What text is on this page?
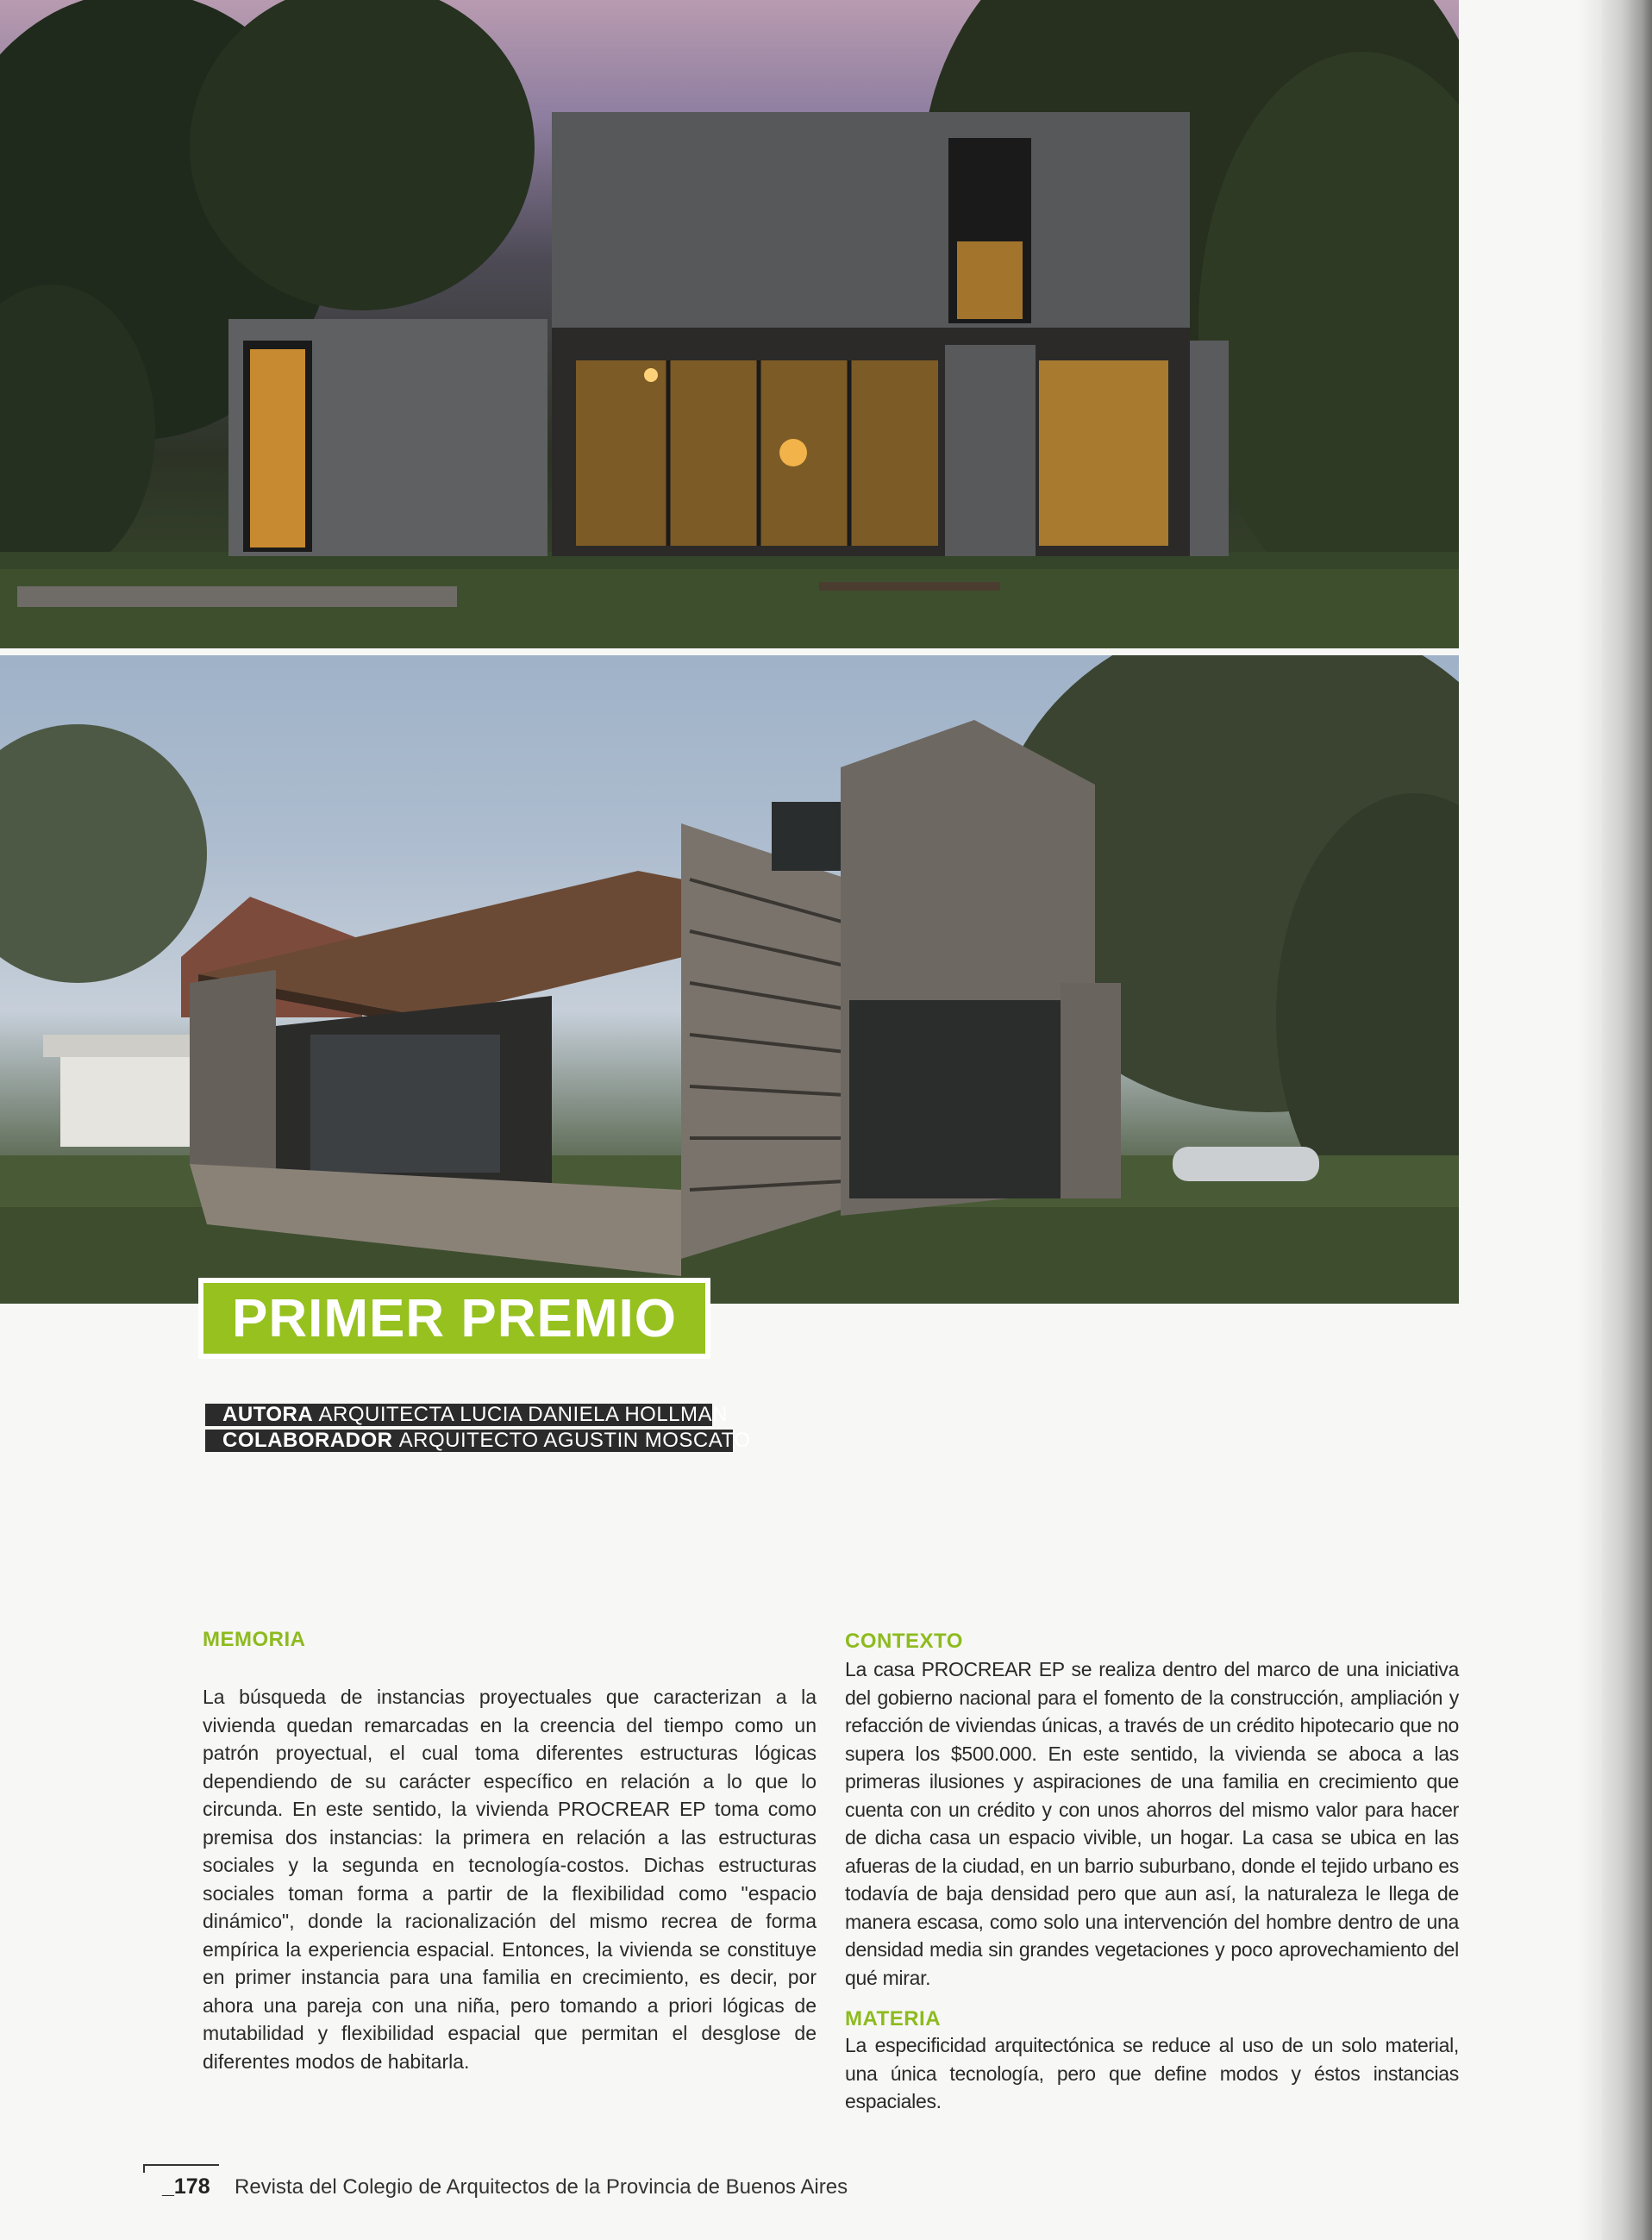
PRIMER PREMIO
AUTORA ARQUITECTA LUCIA DANIELA HOLLMAN
COLABORADOR ARQUITECTO AGUSTIN MOSCATO
MEMORIA

La búsqueda de instancias proyectuales que caracterizan a la vivienda quedan remarcadas en la creencia del tiempo como un patrón proyectual, el cual toma diferentes estructuras lógicas dependiendo de su carácter específico en relación a lo que lo circunda. En este sentido, la vivienda PROCREAR EP toma como premisa dos instancias: la primera en relación a las estructuras sociales y la segunda en tecnología-costos. Dichas estructuras sociales toman forma a partir de la flexibilidad como "espacio dinámico", donde la racionalización del mismo recrea de forma empírica la experiencia espacial. Entonces, la vivienda se constituye en primer instancia para una familia en crecimiento, es decir, por ahora una pareja con una niña, pero tomando a priori lógicas de mutabilidad y flexibilidad espacial que permitan el desglose de diferentes modos de habitarla.

CONTEXTO

La casa PROCREAR EP se realiza dentro del marco de una iniciativa del gobierno nacional para el fomento de la construcción, ampliación y refacción de viviendas únicas, a través de un crédito hipotecario que no supera los $500.000. En este sentido, la vivienda se aboca a las primeras ilusiones y aspiraciones de una familia en crecimiento que cuenta con un crédito y con unos ahorros del mismo valor para hacer de dicha casa un espacio vivible, un hogar. La casa se ubica en las afueras de la ciudad, en un barrio suburbano, donde el tejido urbano es todavía de baja densidad pero que aun así, la naturaleza le llega de manera escasa, como solo una intervención del hombre dentro de una densidad media sin grandes vegetaciones y poco aprovechamiento del qué mirar.

MATERIA

La especificidad arquitectónica se reduce al uso de un solo material, una única tecnología, pero que define modos y éstos instancias espaciales.

_178 Revista del Colegio de Arquitectos de la Provincia de Buenos Aires
